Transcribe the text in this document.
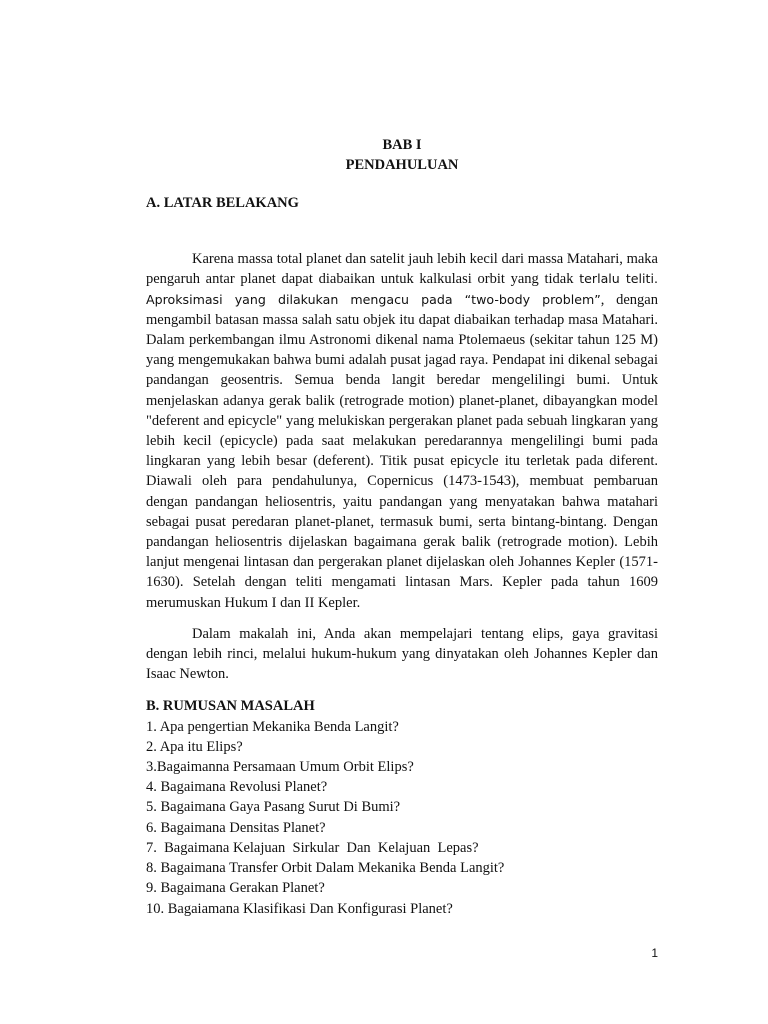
BAB I
PENDAHULUAN
A. LATAR BELAKANG

Karena massa total planet dan satelit jauh lebih kecil dari massa Matahari, maka pengaruh antar planet dapat diabaikan untuk kalkulasi orbit yang tidak terlalu teliti. Aproksimasi yang dilakukan mengacu pada “two-body problem”, dengan mengambil batasan massa salah satu objek itu dapat diabaikan terhadap masa Matahari. Dalam perkembangan ilmu Astronomi dikenal nama Ptolemaeus (sekitar tahun 125 M) yang mengemukakan bahwa bumi adalah pusat jagad raya. Pendapat ini dikenal sebagai pandangan geosentris. Semua benda langit beredar mengelilingi bumi. Untuk menjelaskan adanya gerak balik (retrograde motion) planet-planet, dibayangkan model "deferent and epicycle" yang melukiskan pergerakan planet pada sebuah lingkaran yang lebih kecil (epicycle) pada saat melakukan peredarannya mengelilingi bumi pada lingkaran yang lebih besar (deferent). Titik pusat epicycle itu terletak pada diferent. Diawali oleh para pendahulunya, Copernicus (1473-1543), membuat pembaruan dengan pandangan heliosentris, yaitu pandangan yang menyatakan bahwa matahari sebagai pusat peredaran planet-planet, termasuk bumi, serta bintang-bintang. Dengan pandangan heliosentris dijelaskan bagaimana gerak balik (retrograde motion). Lebih lanjut mengenai lintasan dan pergerakan planet dijelaskan oleh Johannes Kepler (1571-1630). Setelah dengan teliti mengamati lintasan Mars. Kepler pada tahun 1609 merumuskan Hukum I dan II Kepler.

Dalam makalah ini, Anda akan mempelajari tentang elips, gaya gravitasi dengan lebih rinci, melalui hukum-hukum yang dinyatakan oleh Johannes Kepler dan Isaac Newton.

B. RUMUSAN MASALAH
1. Apa pengertian Mekanika Benda Langit?
2. Apa itu Elips?
3.Bagaimanna Persamaan Umum Orbit Elips?
4. Bagaimana Revolusi Planet?
5. Bagaimana Gaya Pasang Surut Di Bumi?
6. Bagaimana Densitas Planet?
7.  Bagaimana Kelajuan  Sirkular  Dan  Kelajuan  Lepas?
8. Bagaimana Transfer Orbit Dalam Mekanika Benda Langit?
9. Bagaimana Gerakan Planet?
10. Bagaiamana Klasifikasi Dan Konfigurasi Planet?
1
